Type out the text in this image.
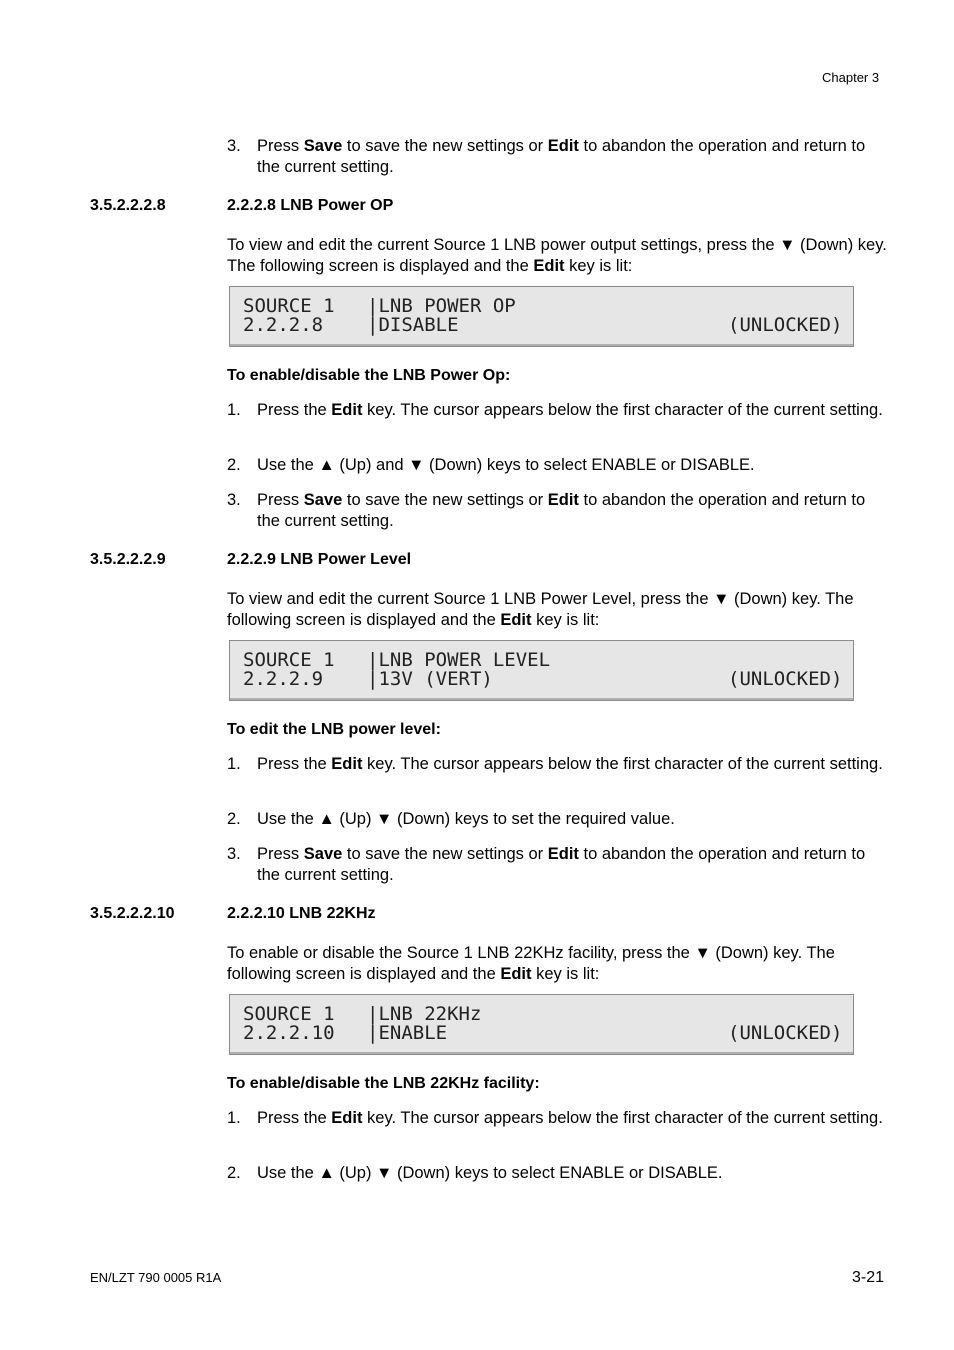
Chapter 3
3. Press Save to save the new settings or Edit to abandon the operation and return to the current setting.
3.5.2.2.2.8	2.2.2.8 LNB Power OP
To view and edit the current Source 1 LNB power output settings, press the ▼ (Down) key. The following screen is displayed and the Edit key is lit:
SOURCE 1 |LNB POWER OP
2.2.2.8 |DISABLE	(UNLOCKED)
To enable/disable the LNB Power Op:
1. Press the Edit key. The cursor appears below the first character of the current setting.
2. Use the ▲ (Up) and ▼ (Down) keys to select ENABLE or DISABLE.
3. Press Save to save the new settings or Edit to abandon the operation and return to the current setting.
3.5.2.2.2.9	2.2.2.9 LNB Power Level
To view and edit the current Source 1 LNB Power Level, press the ▼ (Down) key. The following screen is displayed and the Edit key is lit:
SOURCE 1 |LNB POWER LEVEL
2.2.2.9 |13V (VERT)	(UNLOCKED)
To edit the LNB power level:
1. Press the Edit key. The cursor appears below the first character of the current setting.
2. Use the ▲ (Up) ▼ (Down) keys to set the required value.
3. Press Save to save the new settings or Edit to abandon the operation and return to the current setting.
3.5.2.2.2.10	2.2.2.10 LNB 22KHz
To enable or disable the Source 1 LNB 22KHz facility, press the ▼ (Down) key. The following screen is displayed and the Edit key is lit:
SOURCE 1 |LNB 22KHz
2.2.2.10 |ENABLE	(UNLOCKED)
To enable/disable the LNB 22KHz facility:
1. Press the Edit key. The cursor appears below the first character of the current setting.
2. Use the ▲ (Up) ▼ (Down) keys to select ENABLE or DISABLE.
EN/LZT 790 0005 R1A	3-21
